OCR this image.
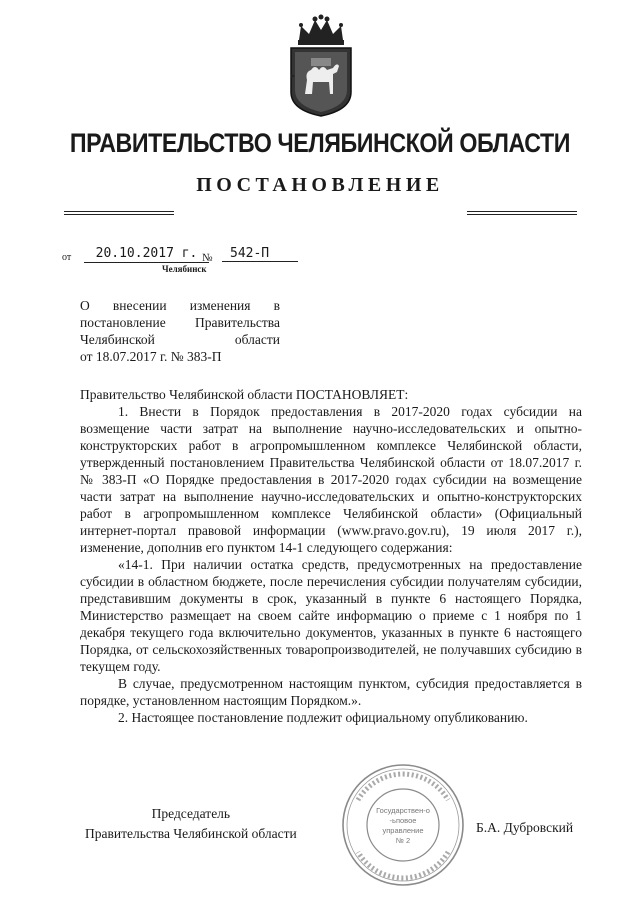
ПРАВИТЕЛЬСТВО ЧЕЛЯБИНСКОЙ ОБЛАСТИ
ПОСТАНОВЛЕНИЕ
от	20.10.2017 г. №	542-П
Челябинск
О внесении изменения в
постановление Правительства
Челябинской	области
от 18.07.2017 г. № 383-П

Правительство Челябинской области ПОСТАНОВЛЯЕТ:

1. Внести в Порядок предоставления в 2017-2020 годах субсидии на возмещение части затрат на выполнение научно-исследовательских и опытно-конструкторских работ в агропромышленном комплексе Челябинской области, утвержденный постановлением Правительства Челябинской области от 18.07.2017 г. № 383-П «О Порядке предоставления в 2017-2020 годах субсидии на возмещение части затрат на выполнение научно-исследовательских и опытно-конструкторских работ в агропромышленном комплексе Челябинской области» (Официальный интернет-портал правовой информации (www.pravo.gov.ru), 19 июля 2017 г.), изменение, дополнив его пунктом 14-1 следующего содержания:

«14-1. При наличии остатка средств, предусмотренных на предоставление субсидии в областном бюджете, после перечисления субсидии получателям субсидии, представившим документы в срок, указанный в пункте 6 настоящего Порядка, Министерство размещает на своем сайте информацию о приеме с 1 ноября по 1 декабря текущего года включительно документов, указанных в пункте 6 настоящего Порядка, от сельскохозяйственных товаропроизводителей, не получавших субсидию в текущем году.

В случае, предусмотренном настоящим пунктом, субсидия предоставляется в порядке, установленном настоящим Порядком.».

2. Настоящее постановление подлежит официальному опубликованию.

Председатель
Правительства Челябинской области	Б.А. Дубровский
Государствен-о
-ьповое
управление
№ 2
